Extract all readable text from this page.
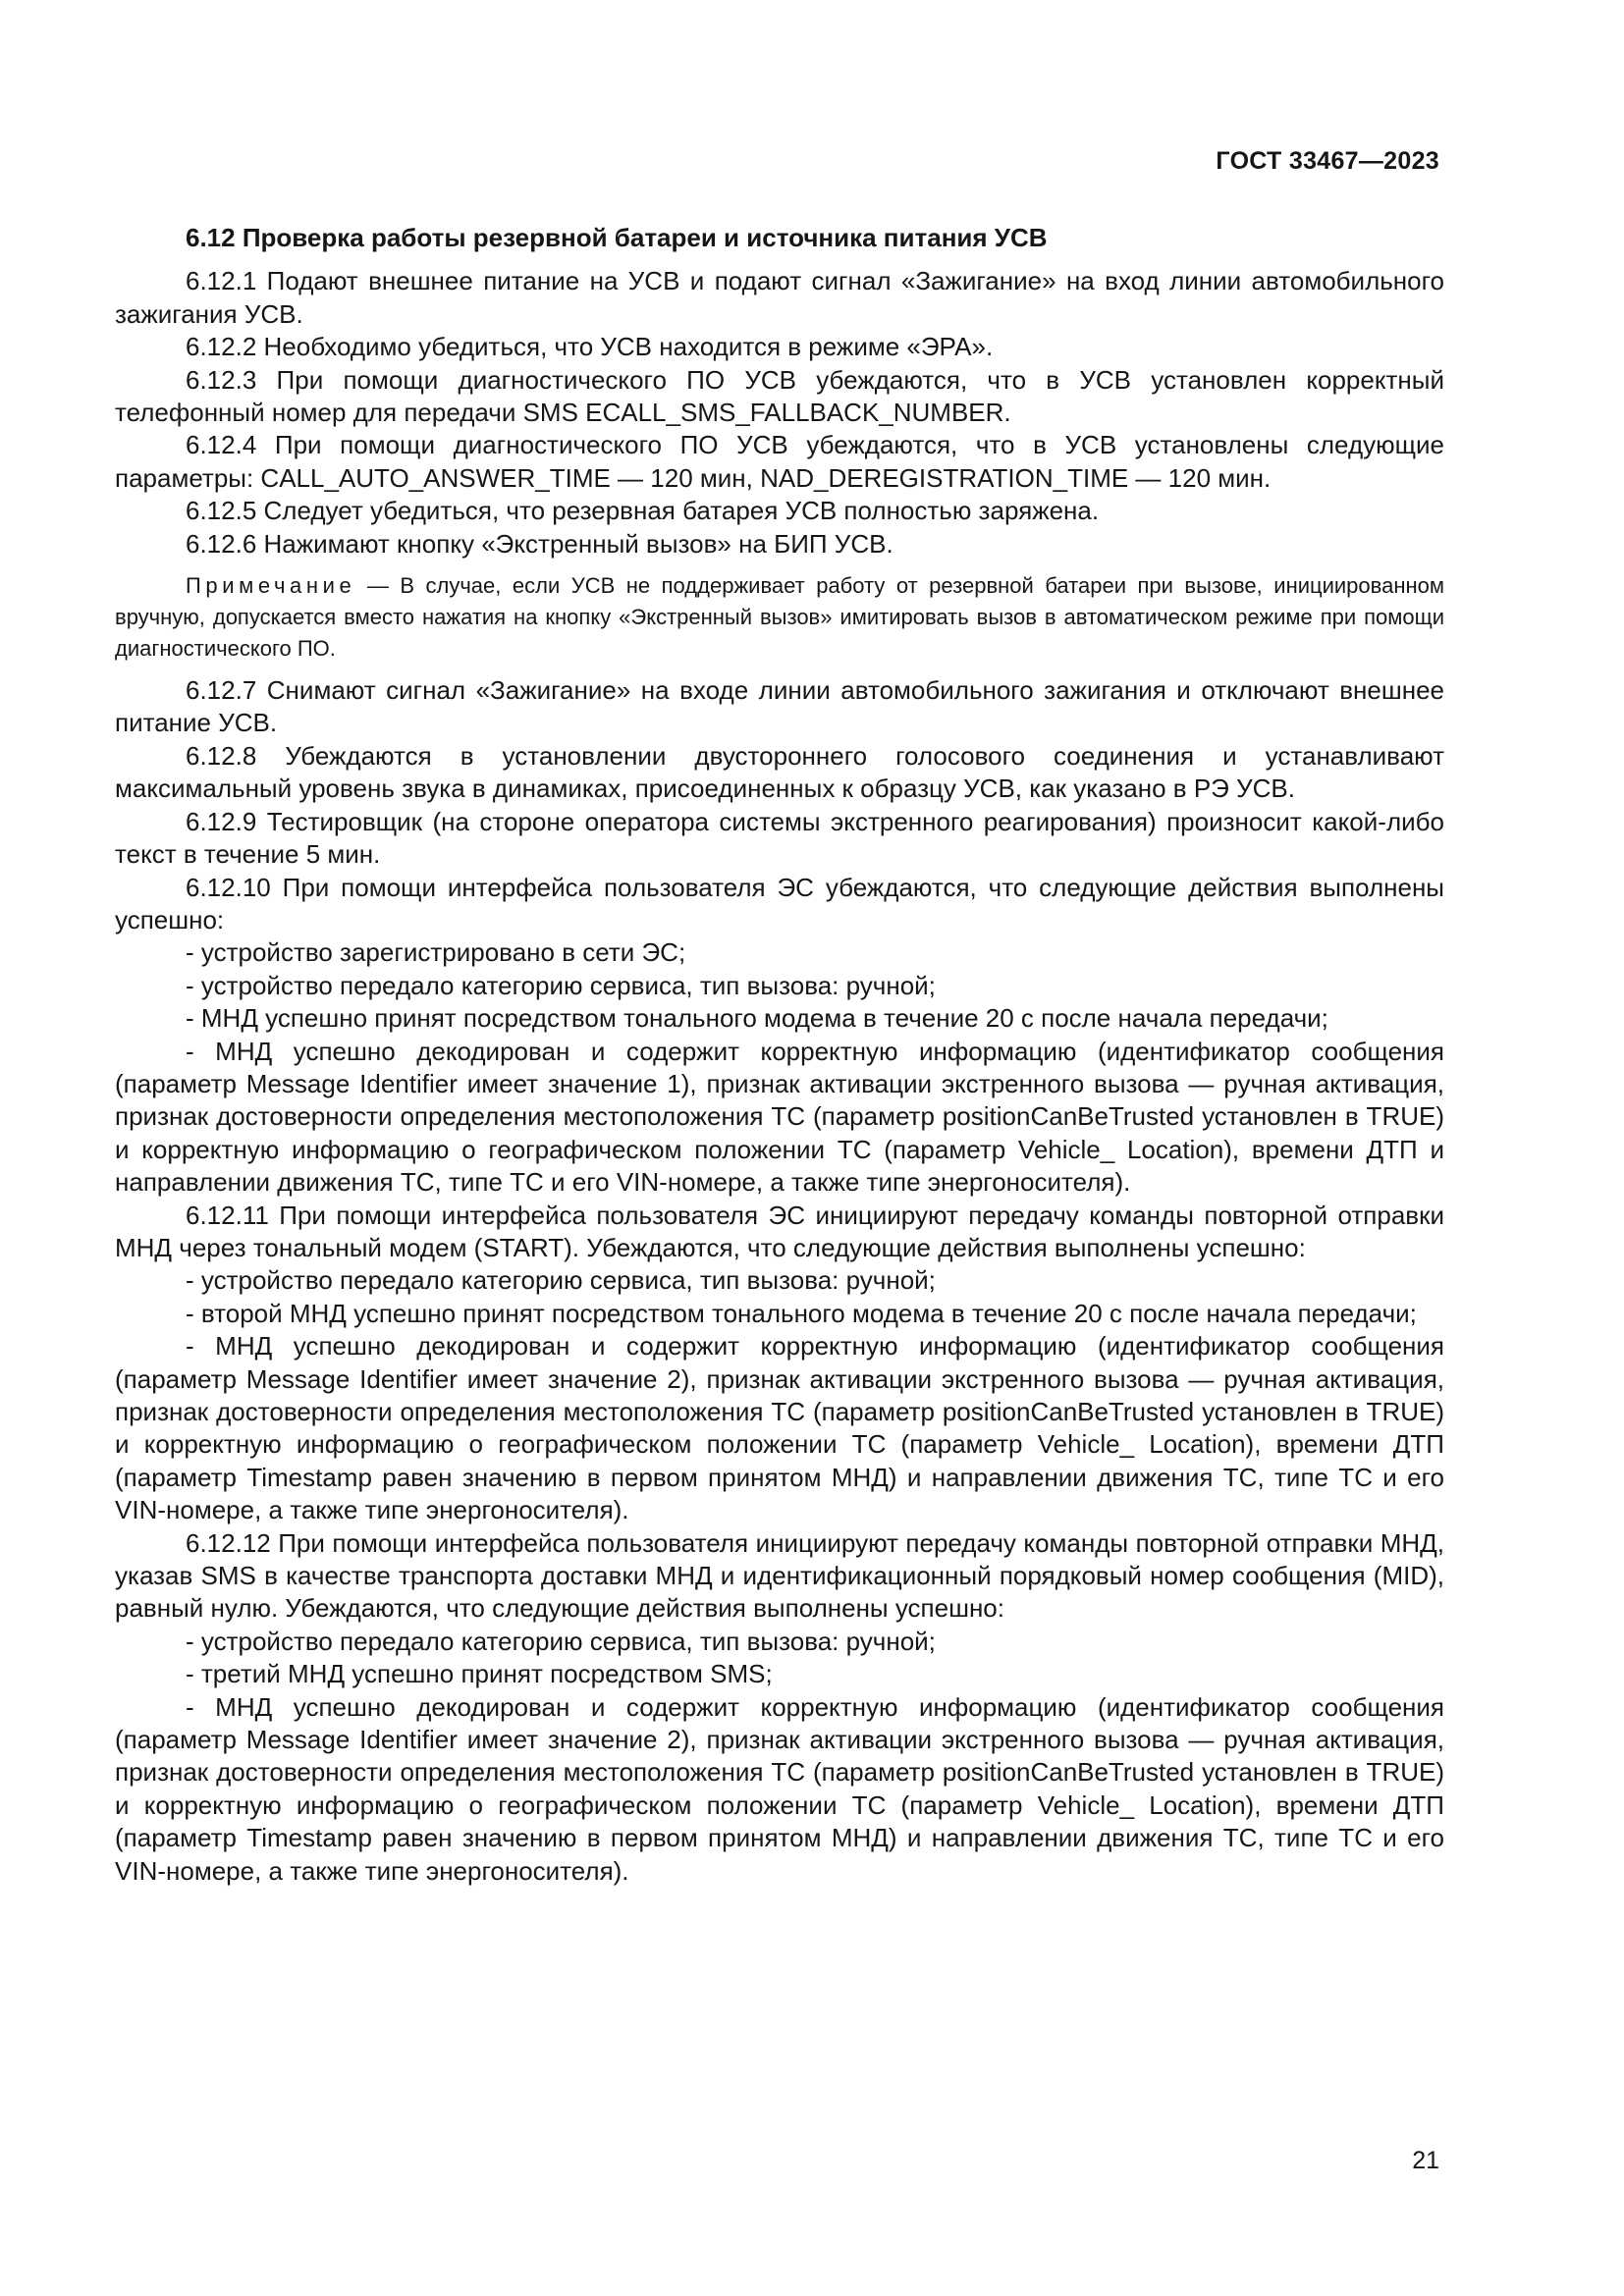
ГОСТ 33467—2023

6.12 Проверка работы резервной батареи и источника питания УСВ

6.12.1 Подают внешнее питание на УСВ и подают сигнал «Зажигание» на вход линии автомобильного зажигания УСВ.

6.12.2 Необходимо убедиться, что УСВ находится в режиме «ЭРА».

6.12.3 При помощи диагностического ПО УСВ убеждаются, что в УСВ установлен корректный телефонный номер для передачи SMS ECALL_SMS_FALLBACK_NUMBER.

6.12.4 При помощи диагностического ПО УСВ убеждаются, что в УСВ установлены следующие параметры: CALL_AUTO_ANSWER_TIME — 120 мин, NAD_DEREGISTRATION_TIME — 120 мин.

6.12.5 Следует убедиться, что резервная батарея УСВ полностью заряжена.

6.12.6 Нажимают кнопку «Экстренный вызов» на БИП УСВ.

Примечание — В случае, если УСВ не поддерживает работу от резервной батареи при вызове, инициированном вручную, допускается вместо нажатия на кнопку «Экстренный вызов» имитировать вызов в автоматическом режиме при помощи диагностического ПО.

6.12.7 Снимают сигнал «Зажигание» на входе линии автомобильного зажигания и отключают внешнее питание УСВ.

6.12.8 Убеждаются в установлении двустороннего голосового соединения и устанавливают максимальный уровень звука в динамиках, присоединенных к образцу УСВ, как указано в РЭ УСВ.

6.12.9 Тестировщик (на стороне оператора системы экстренного реагирования) произносит какой-либо текст в течение 5 мин.

6.12.10 При помощи интерфейса пользователя ЭС убеждаются, что следующие действия выполнены успешно:

- устройство зарегистрировано в сети ЭС;

- устройство передало категорию сервиса, тип вызова: ручной;

- МНД успешно принят посредством тонального модема в течение 20 с после начала передачи;

- МНД успешно декодирован и содержит корректную информацию (идентификатор сообщения (параметр Message Identifier имеет значение 1), признак активации экстренного вызова — ручная активация, признак достоверности определения местоположения ТС (параметр positionCanBeTrusted установлен в TRUE) и корректную информацию о географическом положении ТС (параметр Vehicle_ Location), времени ДТП и направлении движения ТС, типе ТС и его VIN-номере, а также типе энергоносителя).

6.12.11 При помощи интерфейса пользователя ЭС инициируют передачу команды повторной отправки МНД через тональный модем (START). Убеждаются, что следующие действия выполнены успешно:

- устройство передало категорию сервиса, тип вызова: ручной;

- второй МНД успешно принят посредством тонального модема в течение 20 с после начала передачи;

- МНД успешно декодирован и содержит корректную информацию (идентификатор сообщения (параметр Message Identifier имеет значение 2), признак активации экстренного вызова — ручная активация, признак достоверности определения местоположения ТС (параметр positionCanBeTrusted установлен в TRUE) и корректную информацию о географическом положении ТС (параметр Vehicle_ Location), времени ДТП (параметр Timestamp равен значению в первом принятом МНД) и направлении движения ТС, типе ТС и его VIN-номере, а также типе энергоносителя).

6.12.12 При помощи интерфейса пользователя инициируют передачу команды повторной отправки МНД, указав SMS в качестве транспорта доставки МНД и идентификационный порядковый номер сообщения (MID), равный нулю. Убеждаются, что следующие действия выполнены успешно:

- устройство передало категорию сервиса, тип вызова: ручной;

- третий МНД успешно принят посредством SMS;

- МНД успешно декодирован и содержит корректную информацию (идентификатор сообщения (параметр Message Identifier имеет значение 2), признак активации экстренного вызова — ручная активация, признак достоверности определения местоположения ТС (параметр positionCanBeTrusted установлен в TRUE) и корректную информацию о географическом положении ТС (параметр Vehicle_ Location), времени ДТП (параметр Timestamp равен значению в первом принятом МНД) и направлении движения ТС, типе ТС и его VIN-номере, а также типе энергоносителя).

21
